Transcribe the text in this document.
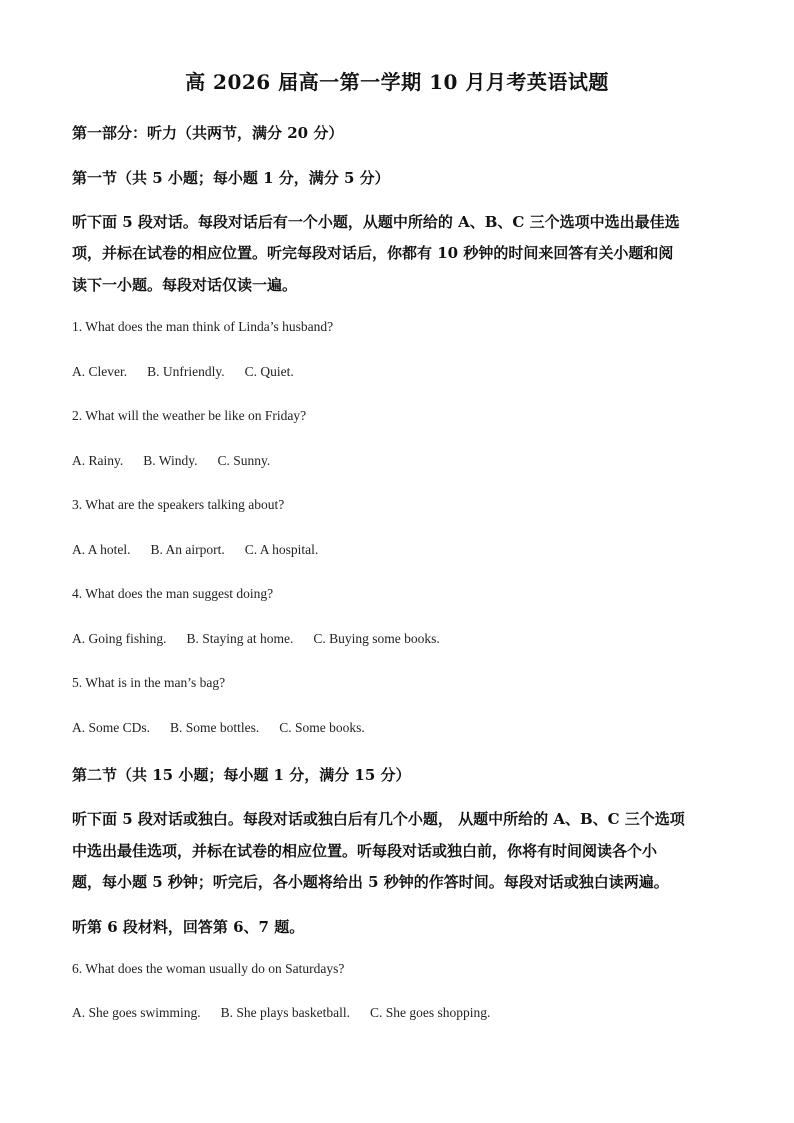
高 2026 届高一第一学期 10 月月考英语试题
第一部分：听力（共两节，满分 20 分）
第一节（共 5 小题；每小题 1 分，满分 5 分）
听下面 5 段对话。每段对话后有一个小题，从题中所给的 A、B、C 三个选项中选出最佳选
项，并标在试卷的相应位置。听完每段对话后，你都有 10 秒钟的时间来回答有关小题和阅
读下一小题。每段对话仅读一遍。
1. What does the man think of Linda’s husband?
A. Clever. B. Unfriendly. C. Quiet.
2. What will the weather be like on Friday?
A. Rainy. B. Windy. C. Sunny.
3. What are the speakers talking about?
A. A hotel. B. An airport. C. A hospital.
4. What does the man suggest doing?
A. Going fishing. B. Staying at home. C. Buying some books.
5. What is in the man’s bag?
A. Some CDs. B. Some bottles. C. Some books.
第二节（共 15 小题；每小题 1 分，满分 15 分）
听下面 5 段对话或独白。每段对话或独白后有几个小题， 从题中所给的 A、B、C 三个选项
中选出最佳选项，并标在试卷的相应位置。听每段对话或独白前，你将有时间阅读各个小
题，每小题 5 秒钟；听完后，各小题将给出 5 秒钟的作答时间。每段对话或独白读两遍。
听第 6 段材料，回答第 6、7 题。
6. What does the woman usually do on Saturdays?
A. She goes swimming. B. She plays basketball. C. She goes shopping.
